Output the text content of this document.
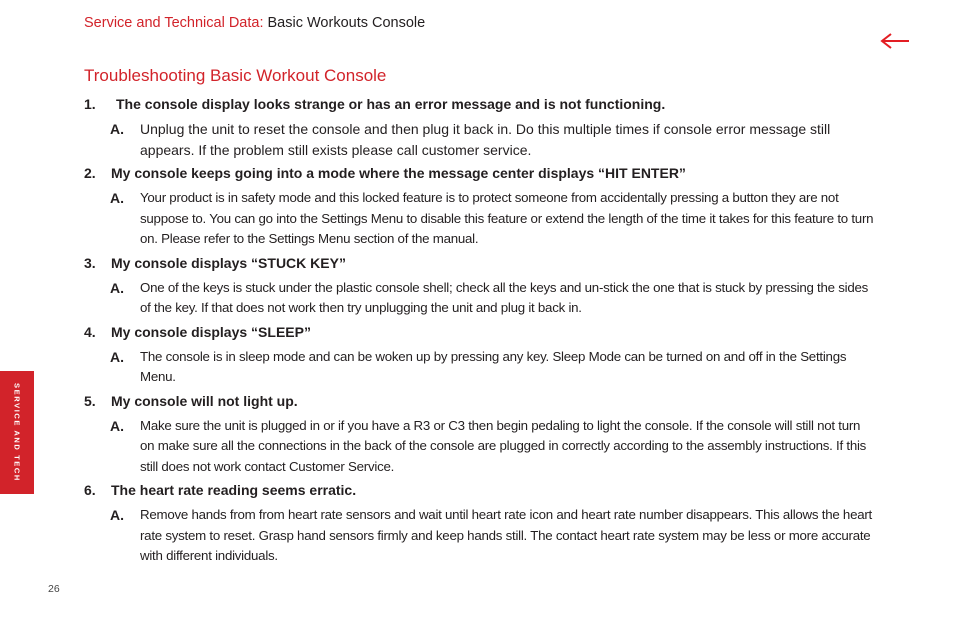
Service and Technical Data: Basic Workouts Console
Troubleshooting Basic Workout Console
1.	The console display looks strange or has an error message and is not functioning.
A.	Unplug the unit to reset the console and then plug it back in. Do this multiple times if console error message still appears. If the problem still exists please call customer service.
2.	My console keeps going into a mode where the message center displays “HIT ENTER”
A.	Your product is in safety mode and this locked feature is to protect someone from accidentally pressing a button they are not suppose to. You can go into the Settings Menu to disable this feature or extend the length of the time it takes for this feature to turn on. Please refer to the Settings Menu section of the manual.
3.	My console displays “STUCK KEY”
A.	One of the keys is stuck under the plastic console shell; check all the keys and un-stick the one that is stuck by pressing the sides of the key. If that does not work then try unplugging the unit and plug it back in.
4.	My console displays “SLEEP”
A.	The console is in sleep mode and can be woken up by pressing any key. Sleep Mode can be turned on and off in the Settings Menu.
5.	My console will not light up.
A.	Make sure the unit is plugged in or if you have a R3 or C3 then begin pedaling to light the console. If the console will still not turn on make sure all the connections in the back of the console are plugged in correctly according to the assembly instructions. If this still does not work contact Customer Service.
6.	The heart rate reading seems erratic.
A.	Remove hands from from heart rate sensors and wait until heart rate icon and heart rate number disappears. This allows the heart rate system to reset. Grasp hand sensors firmly and keep hands still. The contact heart rate system may be less or more accurate with different individuals.
SERVICE AND TECH
26
